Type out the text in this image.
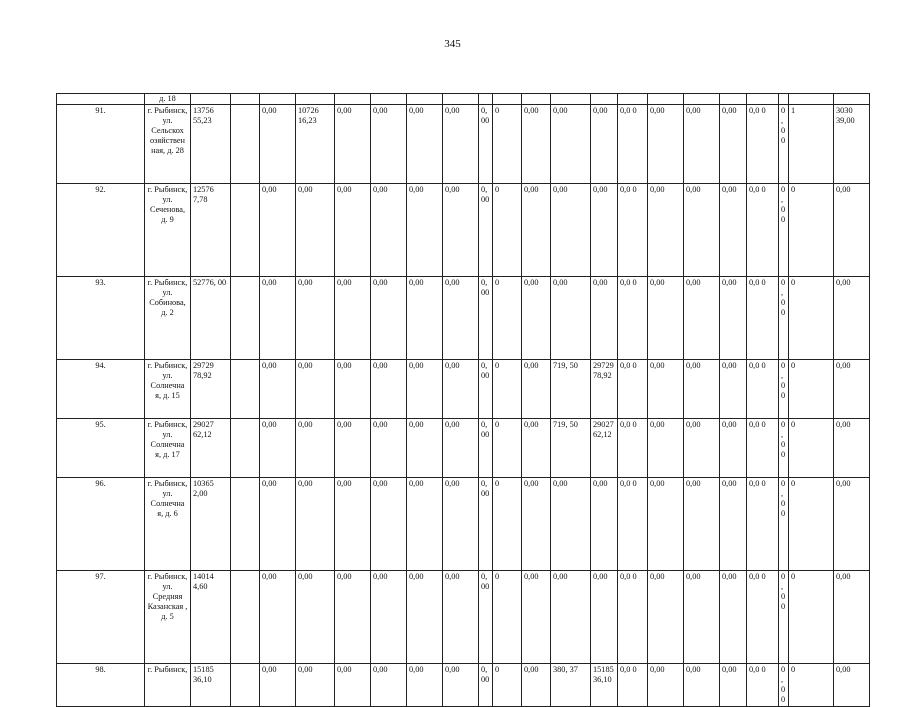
345
	д. 18																						
91.	г. Рыбинск, ул. Сельскох озяйствен ная, д. 28	13756 55,23		0,00	10726 16,23	0,00	0,00	0,00	0,00	0,00	0	0,00	0,00	0,00	0,0 0	0,00	0,00	0,00	0,0 0	0,00	1	3030 39,00	
92.	г. Рыбинск, ул. Сеченова, д. 9	12576 7,78		0,00	0,00	0,00	0,00	0,00	0,00	0,00	0	0,00	0,00	0,00	0,0 0	0,00	0,00	0,00	0,0 0	0,00	0	0,00	
93.	г. Рыбинск, ул. Собинова, д. 2	52776, 00		0,00	0,00	0,00	0,00	0,00	0,00	0,00	0	0,00	0,00	0,00	0,0 0	0,00	0,00	0,00	0,0 0	0,00	0	0,00	
94.	г. Рыбинск, ул. Солнечна я, д. 15	29729 78,92		0,00	0,00	0,00	0,00	0,00	0,00	0,00	0	0,00	719, 50	29729 78,92	0,0 0	0,00	0,00	0,00	0,0 0	0,00	0	0,00	
95.	г. Рыбинск, ул. Солнечна я, д. 17	29027 62,12		0,00	0,00	0,00	0,00	0,00	0,00	0,00	0	0,00	719, 50	29027 62,12	0,0 0	0,00	0,00	0,00	0,0 0	0,00	0	0,00	
96.	г. Рыбинск, ул. Солнечна я, д. 6	10365 2,00		0,00	0,00	0,00	0,00	0,00	0,00	0,00	0	0,00	0,00	0,00	0,0 0	0,00	0,00	0,00	0,0 0	0,00	0	0,00	
97.	г. Рыбинск, ул. Средняя Казанская , д. 5	14014 4,60		0,00	0,00	0,00	0,00	0,00	0,00	0,00	0	0,00	0,00	0,00	0,0 0	0,00	0,00	0,00	0,0 0	0,00	0	0,00	
98.	г. Рыбинск,	15185 36,10		0,00	0,00	0,00	0,00	0,00	0,00	0,00	0	0,00	380, 37	15185 36,10	0,0 0	0,00	0,00	0,00	0,0 0	0,00	0	0,00	
